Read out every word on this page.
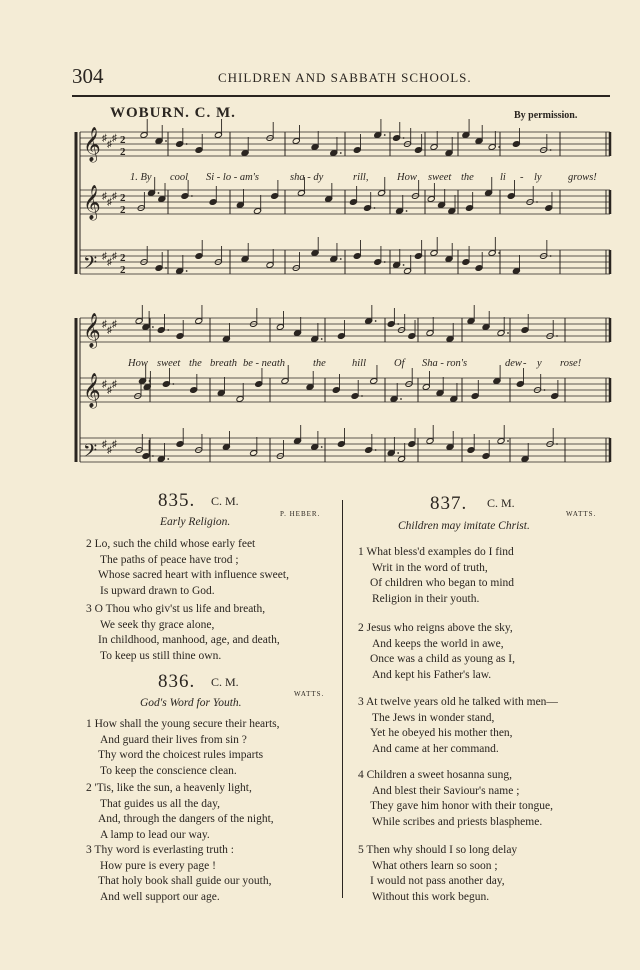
304	CHILDREN AND SABBATH SCHOOLS.
WOBURN. C. M.	By permission.
𝄞 ♯
♯
♯ 2
2
𝄞 ♯
♯
♯ 2
2
𝄢 ♯
♯
♯ 2
2
𝄞 ♯
♯
♯
𝄞 ♯
♯
♯
𝄢 ♯
♯
♯
1. By cool Si - lo - am's	sha - dy	rill,	How sweet the li - ly	grows!
How sweet the breath be - neath	the hill	Of Sha - ron's	dew - y rose!
835. C. M.
P. HEBER.
Early Religion.
2 Lo, such the child whose early feet
The paths of peace have trod ;
Whose sacred heart with influence sweet,
Is upward drawn to God.
3 O Thou who giv'st us life and breath,
We seek thy grace alone,
In childhood, manhood, age, and death,
To keep us still thine own.
836. C. M.
WATTS.
God's Word for Youth.
1 How shall the young secure their hearts,
And guard their lives from sin ?
Thy word the choicest rules imparts
To keep the conscience clean.
2 'Tis, like the sun, a heavenly light,
That guides us all the day,
And, through the dangers of the night,
A lamp to lead our way.
3 Thy word is everlasting truth :
How pure is every page !
That holy book shall guide our youth,
And well support our age.
837. C. M.
WATTS.
Children may imitate Christ.
1 What bless'd examples do I find
Writ in the word of truth,
Of children who began to mind
Religion in their youth.
2 Jesus who reigns above the sky,
And keeps the world in awe,
Once was a child as young as I,
And kept his Father's law.
3 At twelve years old he talked with men—
The Jews in wonder stand,
Yet he obeyed his mother then,
And came at her command.
4 Children a sweet hosanna sung,
And blest their Saviour's name ;
They gave him honor with their tongue,
While scribes and priests blaspheme.
5 Then why should I so long delay
What others learn so soon ;
I would not pass another day,
Without this work begun.
